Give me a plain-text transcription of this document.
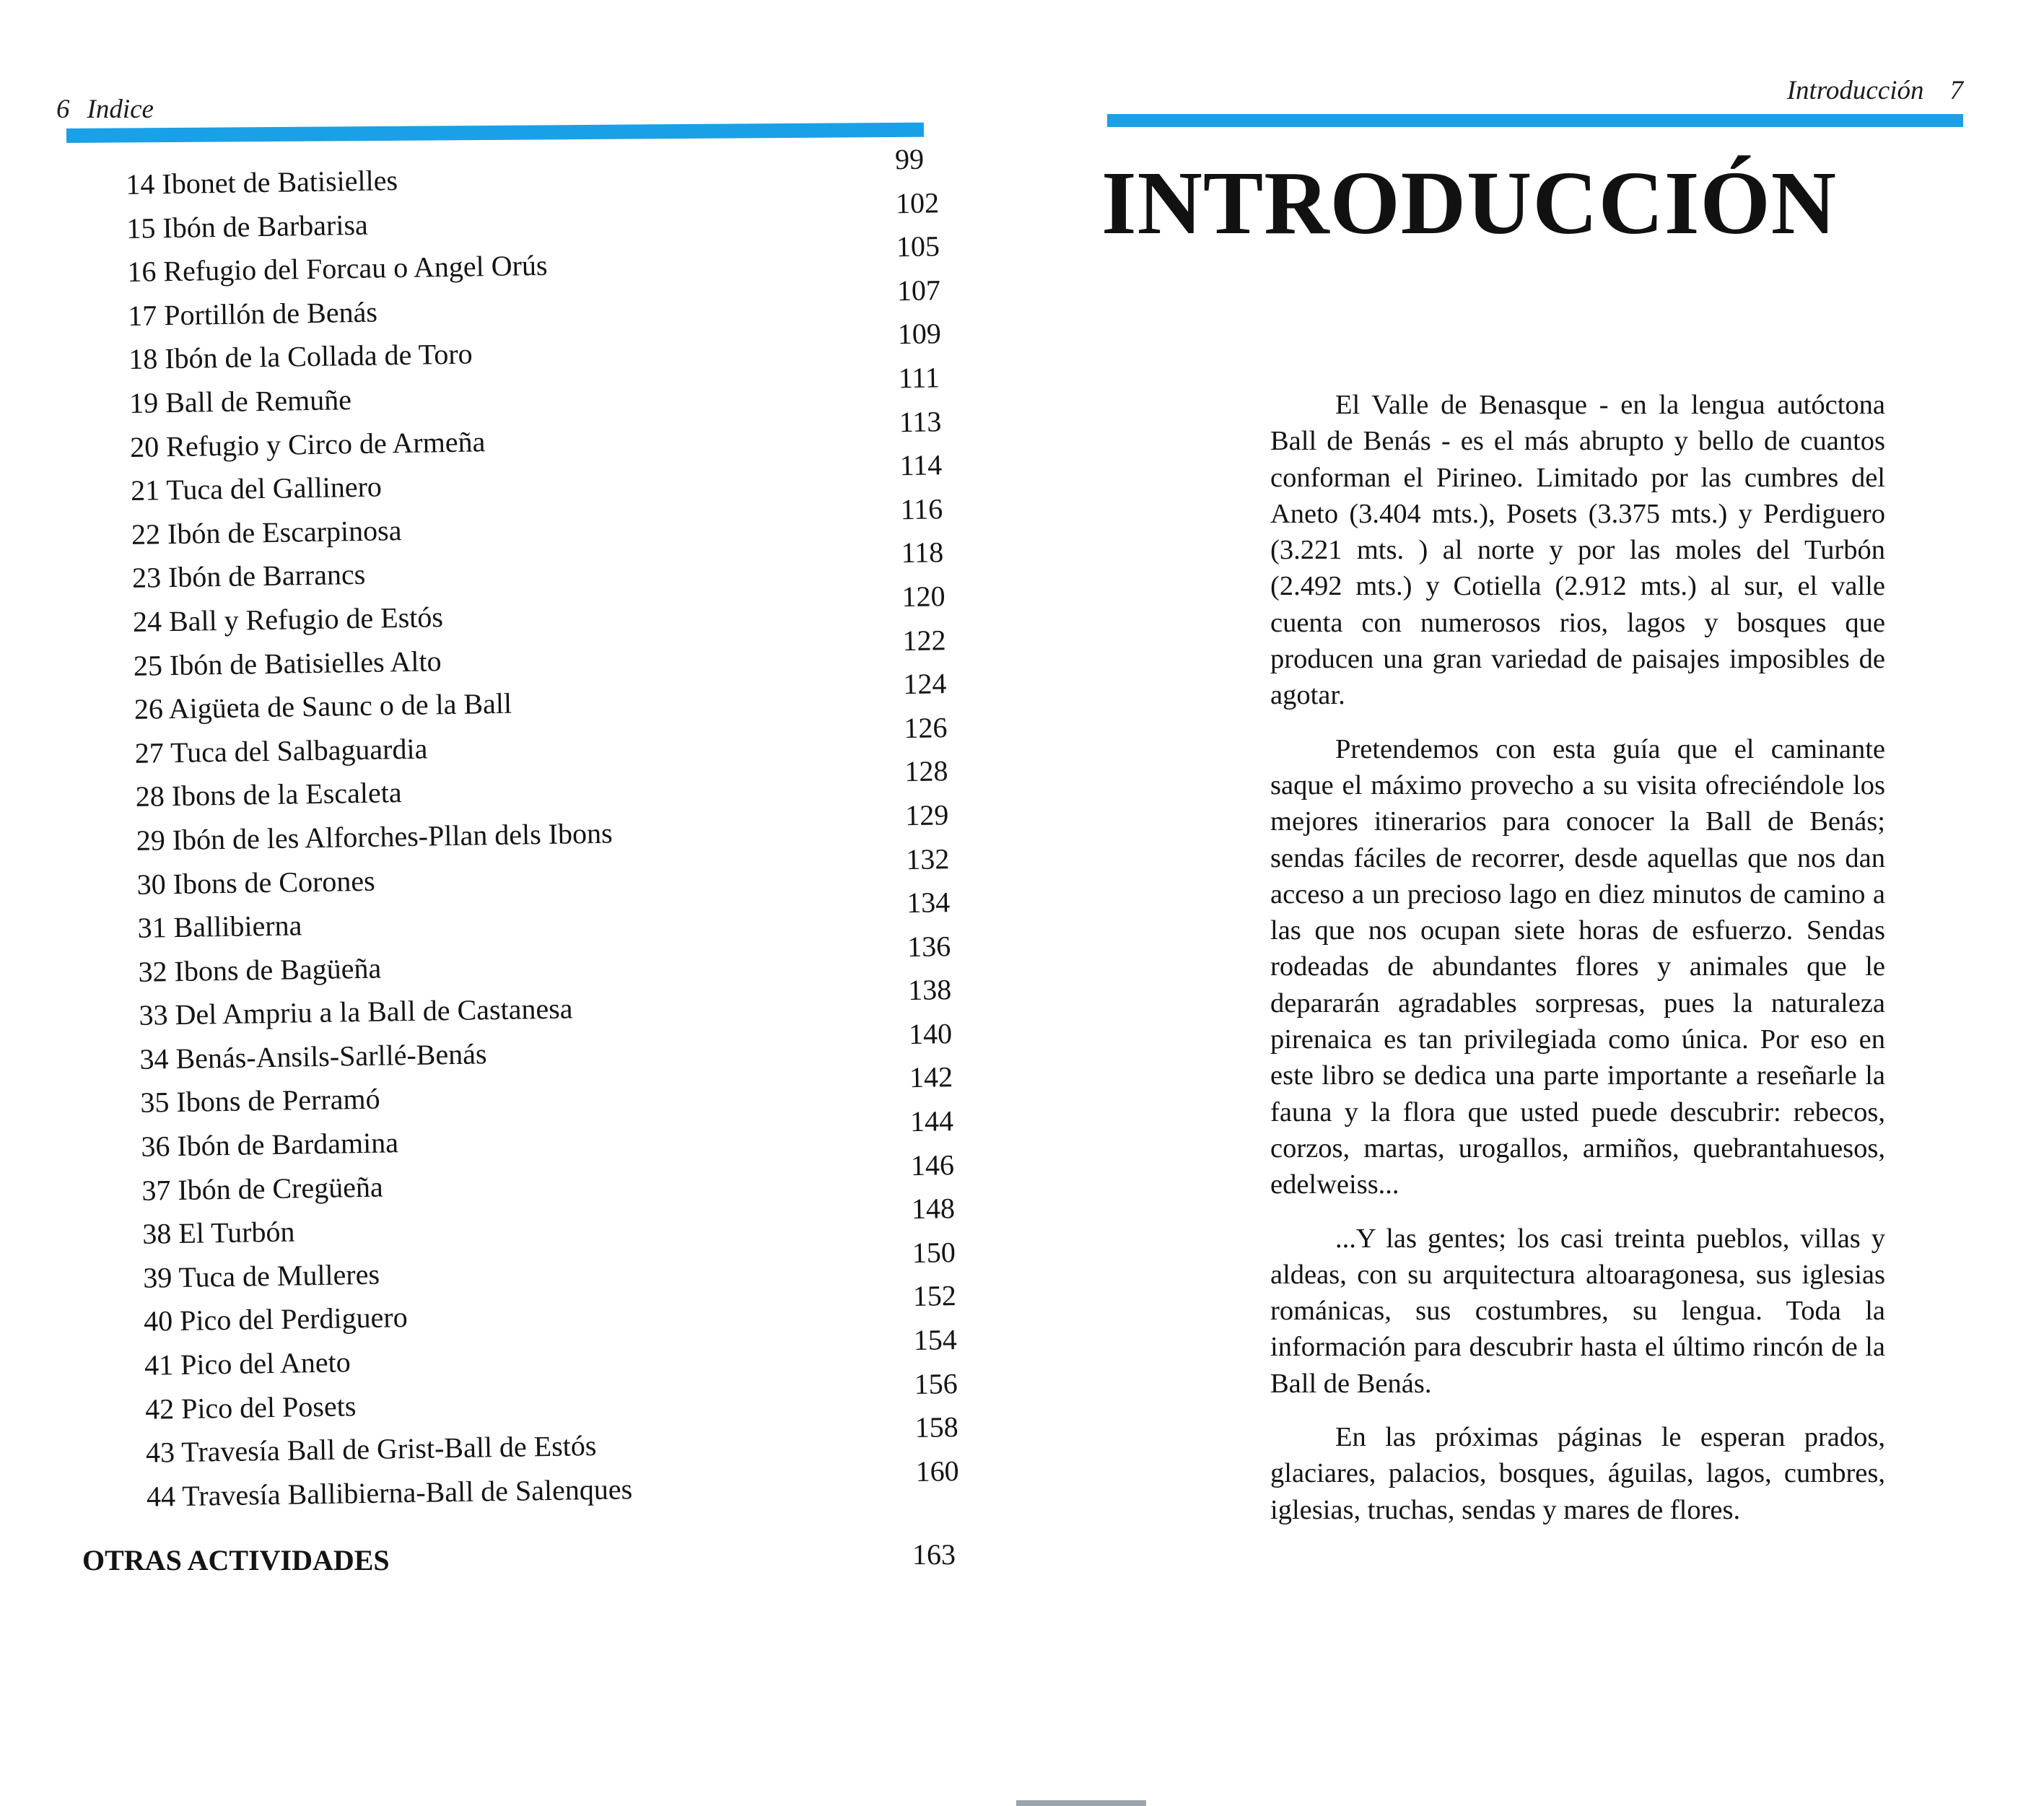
6 Indice
14 Ibonet de Batisielles
99
15 Ibón de Barbarisa
102
16 Refugio del Forcau o Angel Orús
105
17 Portillón de Benás
107
18 Ibón de la Collada de Toro
109
19 Ball de Remuñe
111
20 Refugio y Circo de Armeña
113
21 Tuca del Gallinero
114
22 Ibón de Escarpinosa
116
23 Ibón de Barrancs
118
24 Ball y Refugio de Estós
120
25 Ibón de Batisielles Alto
122
26 Aigüeta de Saunc o de la Ball
124
27 Tuca del Salbaguardia
126
28 Ibons de la Escaleta
128
29 Ibón de les Alforches-Pllan dels Ibons
129
30 Ibons de Corones
132
31 Ballibierna
134
32 Ibons de Bagüeña
136
33 Del Ampriu a la Ball de Castanesa
138
34 Benás-Ansils-Sarllé-Benás
140
35 Ibons de Perramó
142
36 Ibón de Bardamina
144
37 Ibón de Cregüeña
146
38 El Turbón
148
39 Tuca de Mulleres
150
40 Pico del Perdiguero
152
41 Pico del Aneto
154
42 Pico del Posets
156
43 Travesía Ball de Grist-Ball de Estós
158
44 Travesía Ballibierna-Ball de Salenques
160
OTRAS ACTIVIDADES	163
Introducción 7
INTRODUCCIÓN

El Valle de Benasque - en la lengua autóctona Ball de Benás - es el más abrupto y bello de cuantos conforman el Pirineo. Limitado por las cumbres del Aneto (3.404 mts.), Posets (3.375 mts.) y Perdiguero (3.221 mts. ) al norte y por las moles del Turbón (2.492 mts.) y Cotiella (2.912 mts.) al sur, el valle cuenta con numerosos rios, lagos y bosques que producen una gran variedad de paisajes imposibles de agotar.

Pretendemos con esta guía que el caminante saque el máximo provecho a su visita ofreciéndole los mejores itinerarios para conocer la Ball de Benás; sendas fáciles de recorrer, desde aquellas que nos dan acceso a un precioso lago en diez minutos de camino a las que nos ocupan siete horas de esfuerzo. Sendas rodeadas de abundantes flores y animales que le depararán agradables sorpresas, pues la naturaleza pirenaica es tan privilegiada como única. Por eso en este libro se dedica una parte importante a reseñarle la fauna y la flora que usted puede descubrir: rebecos, corzos, martas, urogallos, armiños, quebrantahuesos, edelweiss...

...Y las gentes; los casi treinta pueblos, villas y aldeas, con su arquitectura altoaragonesa, sus iglesias románicas, sus costumbres, su lengua. Toda la información para descubrir hasta el último rincón de la Ball de Benás.

En las próximas páginas le esperan prados, glaciares, palacios, bosques, águilas, lagos, cumbres, iglesias, truchas, sendas y mares de flores.
